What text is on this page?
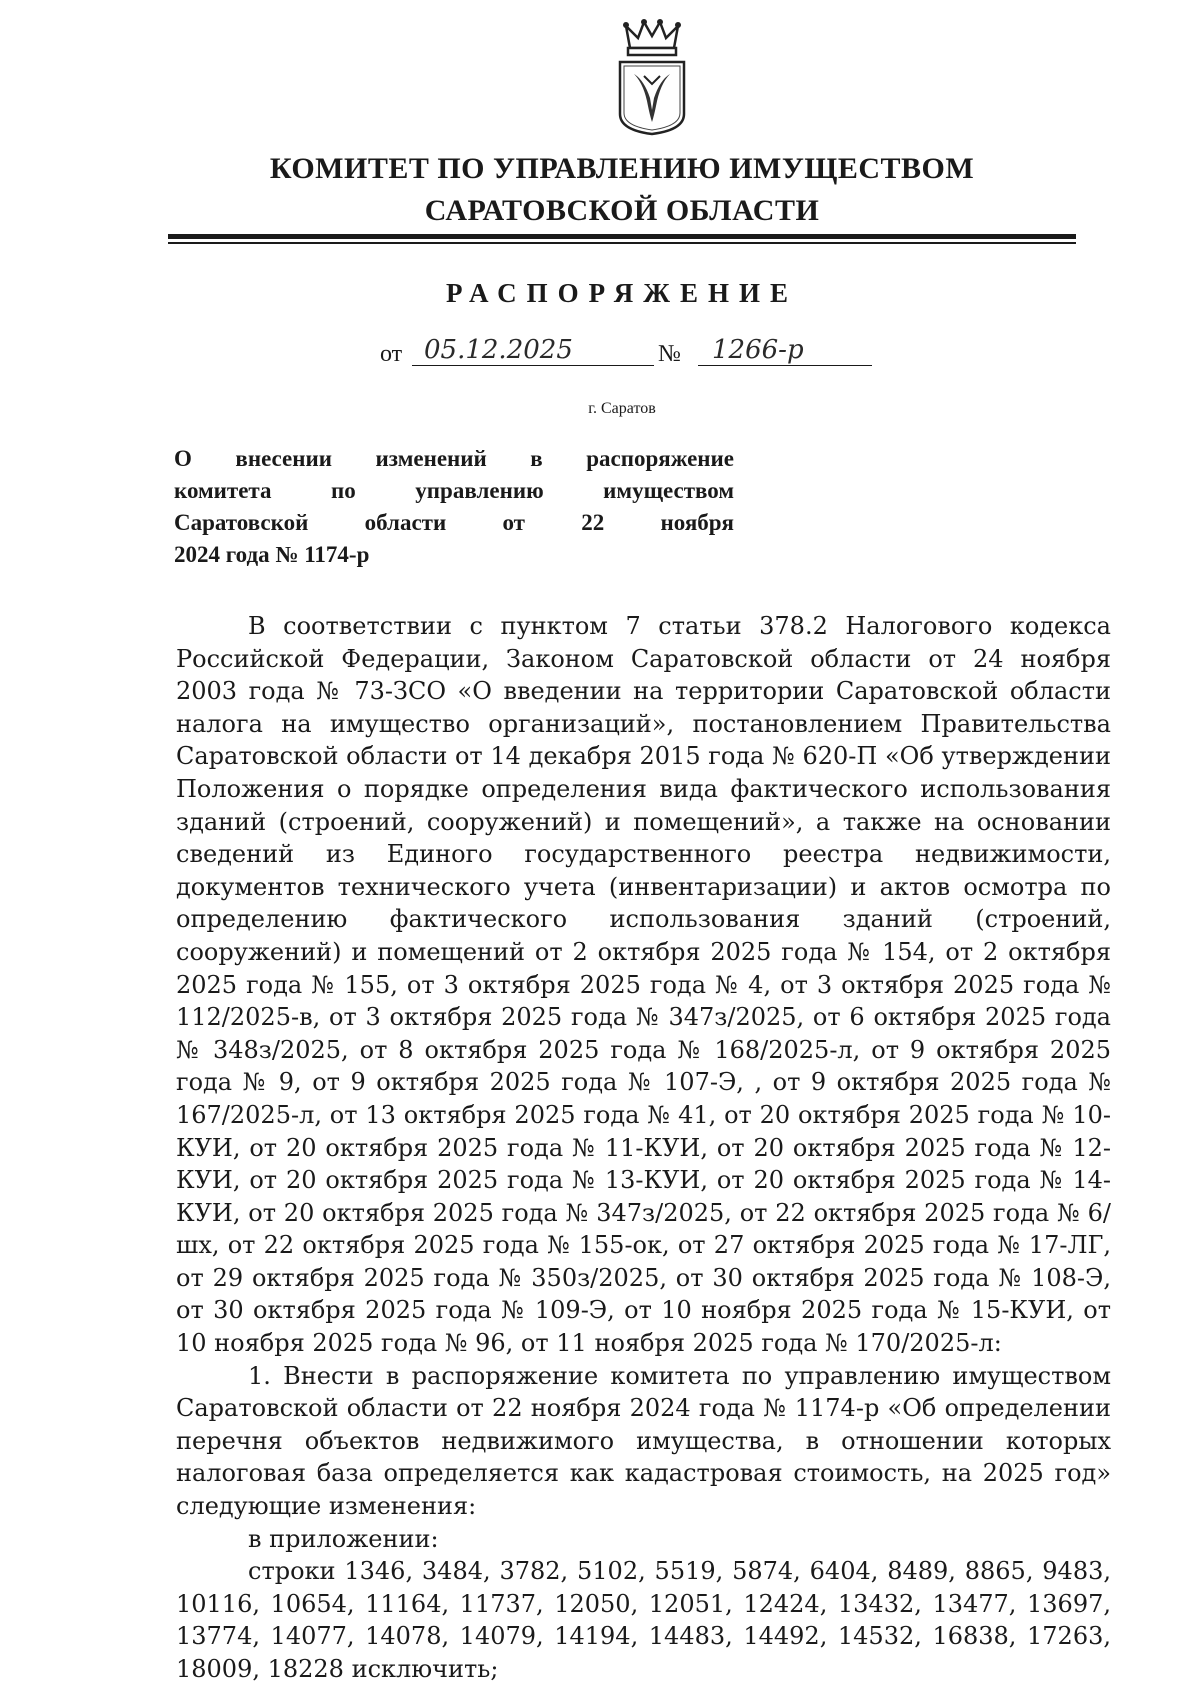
КОМИТЕТ ПО УПРАВЛЕНИЮ ИМУЩЕСТВОМ
САРАТОВСКОЙ ОБЛАСТИ
РАСПОРЯЖЕНИЕ
от 05.12.2025	№	1266-р
г. Саратов
О внесении изменений в распоряжение
комитета по управлению имуществом
Саратовской области от 22 ноября
2024 года № 1174-р

В соответствии с пунктом 7 статьи 378.2 Налогового кодекса Российской Федерации, Законом Саратовской области от 24 ноября 2003 года № 73-ЗСО «О введении на территории Саратовской области налога на имущество организаций», постановлением Правительства Саратовской области от 14 декабря 2015 года № 620-П «Об утверждении Положения о порядке определения вида фактического использования зданий (строений, сооружений) и помещений», а также на основании сведений из Единого государственного реестра недвижимости, документов технического учета (инвентаризации) и актов осмотра по определению фактического использования зданий (строений, сооружений) и помещений от 2 октября 2025 года № 154, от 2 октября 2025 года № 155, от 3 октября 2025 года № 4, от 3 октября 2025 года № 112/2025-в, от 3 октября 2025 года № 347з/2025, от 6 октября 2025 года № 348з/2025, от 8 октября 2025 года № 168/2025-л, от 9 октября 2025 года № 9, от 9 октября 2025 года № 107-Э, , от 9 октября 2025 года № 167/2025-л, от 13 октября 2025 года № 41, от 20 октября 2025 года № 10-КУИ, от 20 октября 2025 года № 11-КУИ, от 20 октября 2025 года № 12-КУИ, от 20 октября 2025 года № 13-КУИ, от 20 октября 2025 года № 14-КУИ, от 20 октября 2025 года № 347з/2025, от 22 октября 2025 года № 6/шх, от 22 октября 2025 года № 155-ок, от 27 октября 2025 года № 17-ЛГ, от 29 октября 2025 года № 350з/2025, от 30 октября 2025 года № 108-Э, от 30 октября 2025 года № 109-Э, от 10 ноября 2025 года № 15-КУИ, от 10 ноября 2025 года № 96, от 11 ноября 2025 года № 170/2025-л:

1. Внести в распоряжение комитета по управлению имуществом Саратовской области от 22 ноября 2024 года № 1174-р «Об определении перечня объектов недвижимого имущества, в отношении которых налоговая база определяется как кадастровая стоимость, на 2025 год» следующие изменения:

в приложении:

строки 1346, 3484, 3782, 5102, 5519, 5874, 6404, 8489, 8865, 9483, 10116, 10654, 11164, 11737, 12050, 12051, 12424, 13432, 13477, 13697, 13774, 14077, 14078, 14079, 14194, 14483, 14492, 14532, 16838, 17263, 18009, 18228 исключить;
